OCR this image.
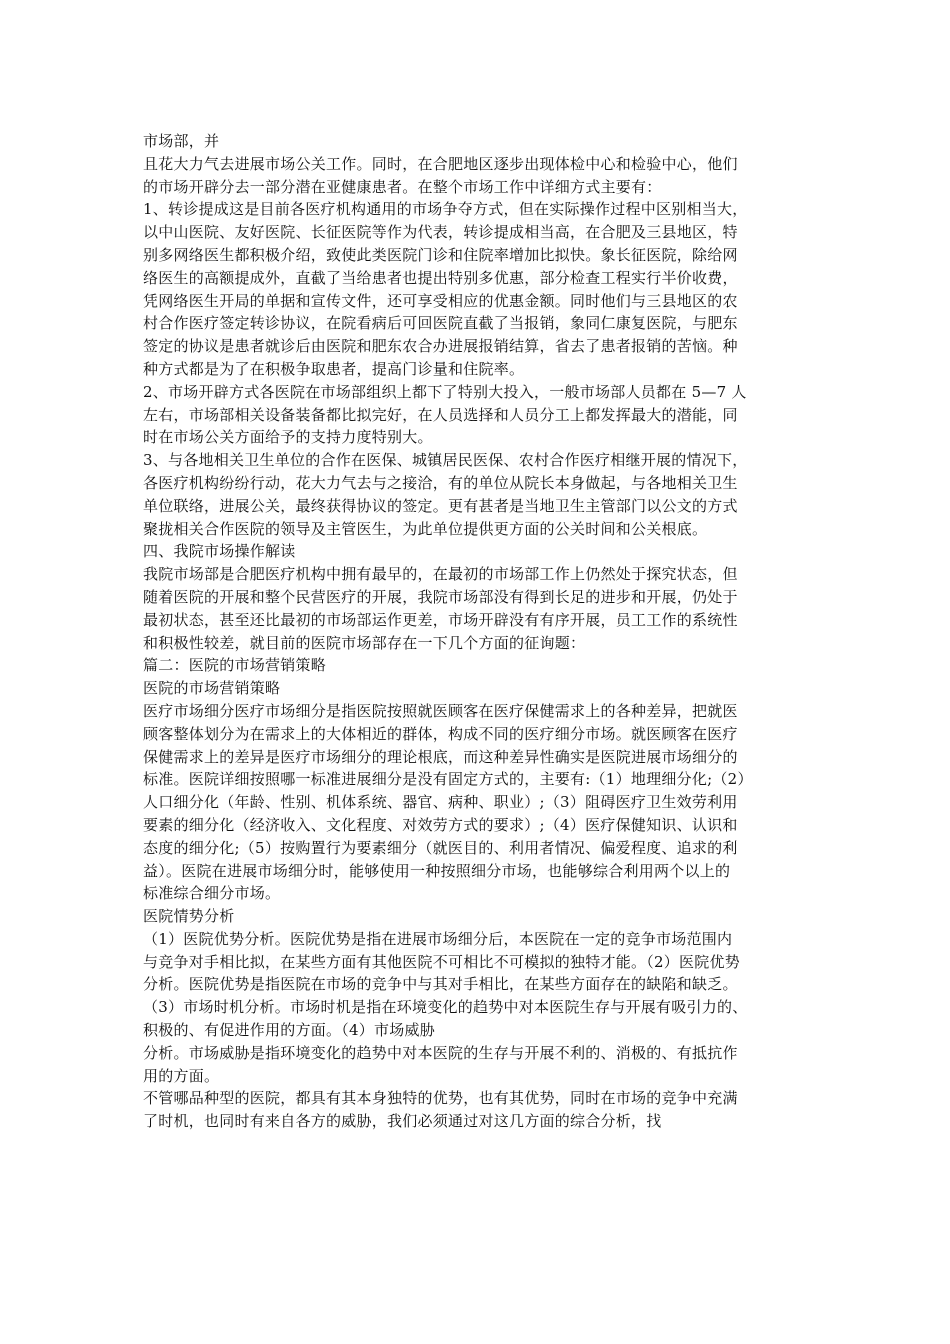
市场部，并
且花大力气去进展市场公关工作。同时，在合肥地区逐步出现体检中心和检验中心，他们
的市场开辟分去一部分潜在亚健康患者。在整个市场工作中详细方式主要有：
1、转诊提成这是目前各医疗机构通用的市场争夺方式，但在实际操作过程中区别相当大，
以中山医院、友好医院、长征医院等作为代表，转诊提成相当高，在合肥及三县地区，特
别多网络医生都积极介绍，致使此类医院门诊和住院率增加比拟快。象长征医院，除给网
络医生的高额提成外，直截了当给患者也提出特别多优惠，部分检查工程实行半价收费，
凭网络医生开局的单据和宣传文件，还可享受相应的优惠金额。同时他们与三县地区的农
村合作医疗签定转诊协议，在院看病后可回医院直截了当报销，象同仁康复医院，与肥东
签定的协议是患者就诊后由医院和肥东农合办进展报销结算，省去了患者报销的苦恼。种
种方式都是为了在积极争取患者，提高门诊量和住院率。
2、市场开辟方式各医院在市场部组织上都下了特别大投入，一般市场部人员都在 5—7 人
左右，市场部相关设备装备都比拟完好，在人员选择和人员分工上都发挥最大的潜能，同
时在市场公关方面给予的支持力度特别大。
3、与各地相关卫生单位的合作在医保、城镇居民医保、农村合作医疗相继开展的情况下，
各医疗机构纷纷行动，花大力气去与之接洽，有的单位从院长本身做起，与各地相关卫生
单位联络，进展公关，最终获得协议的签定。更有甚者是当地卫生主管部门以公文的方式
聚拢相关合作医院的领导及主管医生，为此单位提供更方面的公关时间和公关根底。
四、我院市场操作解读
我院市场部是合肥医疗机构中拥有最早的，在最初的市场部工作上仍然处于探究状态，但
随着医院的开展和整个民营医疗的开展，我院市场部没有得到长足的进步和开展，仍处于
最初状态，甚至还比最初的市场部运作更差，市场开辟没有有序开展，员工工作的系统性
和积极性较差，就目前的医院市场部存在一下几个方面的征询题：
篇二：医院的市场营销策略
医院的市场营销策略
医疗市场细分医疗市场细分是指医院按照就医顾客在医疗保健需求上的各种差异，把就医
顾客整体划分为在需求上的大体相近的群体，构成不同的医疗细分市场。就医顾客在医疗
保健需求上的差异是医疗市场细分的理论根底，而这种差异性确实是医院进展市场细分的
标准。医院详细按照哪一标准进展细分是没有固定方式的，主要有:（1）地理细分化;（2）
人口细分化（年龄、性别、机体系统、器官、病种、职业）;（3）阻碍医疗卫生效劳利用
要素的细分化（经济收入、文化程度、对效劳方式的要求）;（4）医疗保健知识、认识和
态度的细分化;（5）按购置行为要素细分（就医目的、利用者情况、偏爱程度、追求的利
益）。医院在进展市场细分时，能够使用一种按照细分市场，也能够综合利用两个以上的
标准综合细分市场。
医院情势分析
（1）医院优势分析。医院优势是指在进展市场细分后，本医院在一定的竞争市场范围内
与竞争对手相比拟，在某些方面有其他医院不可相比不可模拟的独特才能。（2）医院优势
分析。医院优势是指医院在市场的竞争中与其对手相比，在某些方面存在的缺陷和缺乏。
（3）市场时机分析。市场时机是指在环境变化的趋势中对本医院生存与开展有吸引力的、
积极的、有促进作用的方面。（4）市场威胁
分析。市场威胁是指环境变化的趋势中对本医院的生存与开展不利的、消极的、有抵抗作
用的方面。
不管哪品种型的医院，都具有其本身独特的优势，也有其优势，同时在市场的竞争中充满
了时机，也同时有来自各方的威胁，我们必须通过对这几方面的综合分析，找
